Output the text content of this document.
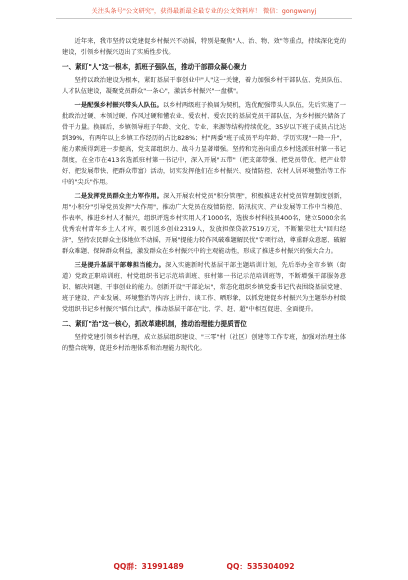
关注头条号"公文研究"，获得最新最全最专业的公文资料库！ 微信：gongwenyj

近年来，我市坚持以党建促乡村振兴不动摇，特别是聚焦"人、治、物、效"等重点，持续深化党的建设，引领乡村振兴迈出了实质性步伐。

一、紧盯"人"这一根本，抓班子强队伍，推动干部群众凝心聚力

坚持以政治建设为根本，紧盯基层干事创业中"人"这一关键，着力加强乡村干部队伍、党员队伍、人才队伍建设，凝聚党员群众"一条心"，激活乡村振兴"一盘棋"。

一是配强乡村振兴带头人队伍。以乡村两级班子换届为契机，选优配强带头人队伍，先后实施了一批政治过硬、本领过硬、作风过硬和懂农业、爱农村、爱农民的基层党员干部队伍，为乡村振兴储备了骨干力量。换届后，乡镇领导班子年龄、文化、专业、来源等结构持续优化，35岁以下班子成员占比达到39%，有两年以上乡镇工作经历的占比828%；村"两委"班子成员平均年龄、学历实现"一降一升"，能力素质得到进一步提高，党支部组织力、战斗力显著增强。坚持和完善向重点乡村选派驻村第一书记制度，在全市在413名选派驻村第一书记中，深入开展"五带"（把支部带强、把党员带优、把产业带好、把发展带快、把群众带富）活动，切实发挥他们在乡村振兴、疫情防控、农村人居环境整治等工作中的"尖兵"作用。

二是发挥党员群众主力军作用。深入开展农村党员"积分管理"，积极推进农村党员管理制度创新，用"小积分"引导党员发挥"大作用"，推动广大党员在疫情防控、防汛抗灾、产业发展等工作中当模范、作表率，推进乡村人才振兴，组织评选乡村实用人才1000名，选拔乡村科技员400名，建立5000余名优秀农村青年乡土人才库，吸引返乡创业2319人，发放担保贷款7519万元，不断繁荣壮大"回归经济"，坚持农民群众主体地位不动摇，开展"提能力转作风破难题解民忧"专项行动，尊重群众意愿、破解群众难题、保障群众利益，激发群众在乡村振兴中的主观能动性，形成了推进乡村振兴的强大合力。

三是提升基层干部尊担当能力。深入实施新时代基层干部主题培训计划，先后举办全市乡镇（街道）党政正职培训班、村党组织书记示范培训班、驻村第一书记示范培训班等，不断增强干部服务意识、解决问题、干事创业的能力。创新开设"干部论坛"，常态化组织乡镇党委书记代表围绕基层党建、班子建设、产业发展、环境整治等内容上讲台、谈工作、晒形象，以抓党建促乡村振兴为主题举办村级党组织书记乡村振兴"擂台比武"，推动基层干部在"比、学、赶、超"中相互促进、全面提升。

二、紧盯"治"这一核心，抓改革建机制，推动治理能力提质晋位

坚持党建引领乡村治理，成立基层组织建设、"三零"村（社区）创建等工作专班，加强对治理主体的整合统筹，促进乡村治理体系和治理能力现代化。

QQ群：31991489	QQ：535304092
